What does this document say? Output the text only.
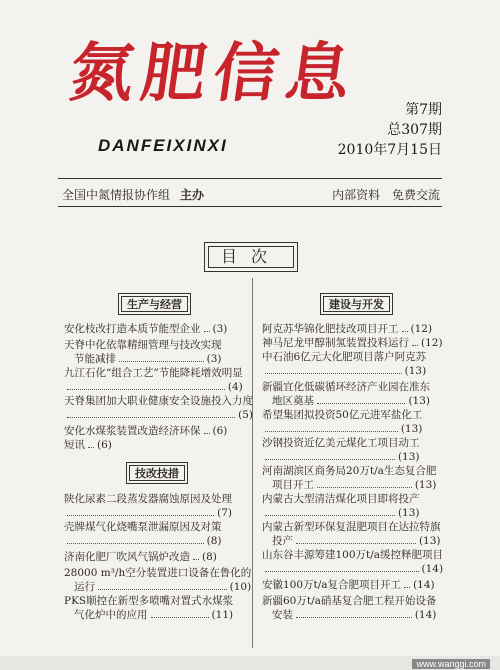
氮肥信息
DANFEIXINXI
第7期
总307期
2010年7月15日
全国中氮情报协作组 主办	内部资料 免费交流
目次
生产与经营
技改技措
建设与开发
安化枝改打造本质节能型企业 (3)
天脊中化依靠精细管理与技改实现
节能减排	(3)
九江石化“组合工艺”节能降耗增效明显
(4)
天脊集团加大职业健康安全设施投入力度
(5)
安化水煤浆装置改造经济环保 (6)
短讯 (6)
陕化尿素二段蒸发器腐蚀原因及处理
(7)
壳牌煤气化烧嘴泵泄漏原因及对策
(8)
济南化肥厂吹风气锅炉改造 (8)
28000 m³/h空分装置进口设备在鲁化的
运行	(10)
PKS顺控在新型多喷嘴对置式水煤浆
气化炉中的应用	(11)
阿克苏华锦化肥技改项目开工 (12)
神马尼龙甲醇制氢装置投料运行 (12)
中石油6亿元大化肥项目落户阿克苏
(13)
新疆宜化低碳循环经济产业园在准东
地区奠基	(13)
希望集团拟投资50亿元进军盐化工
(13)
沙钢投资近亿美元煤化工项目动工
(13)
河南湖滨区商务局20万t/a生态复合肥
项目开工	(13)
内蒙古大型清洁煤化项目即将投产
(13)
内蒙古新型环保复混肥项目在达拉特旗
投产	(13)
山东谷丰源筹建100万t/a缓控释肥项目
(14)
安徽100万t/a复合肥项目开工 (14)
新疆60万t/a硝基复合肥工程开始设备
安装	(14)
www.wanggi.com
